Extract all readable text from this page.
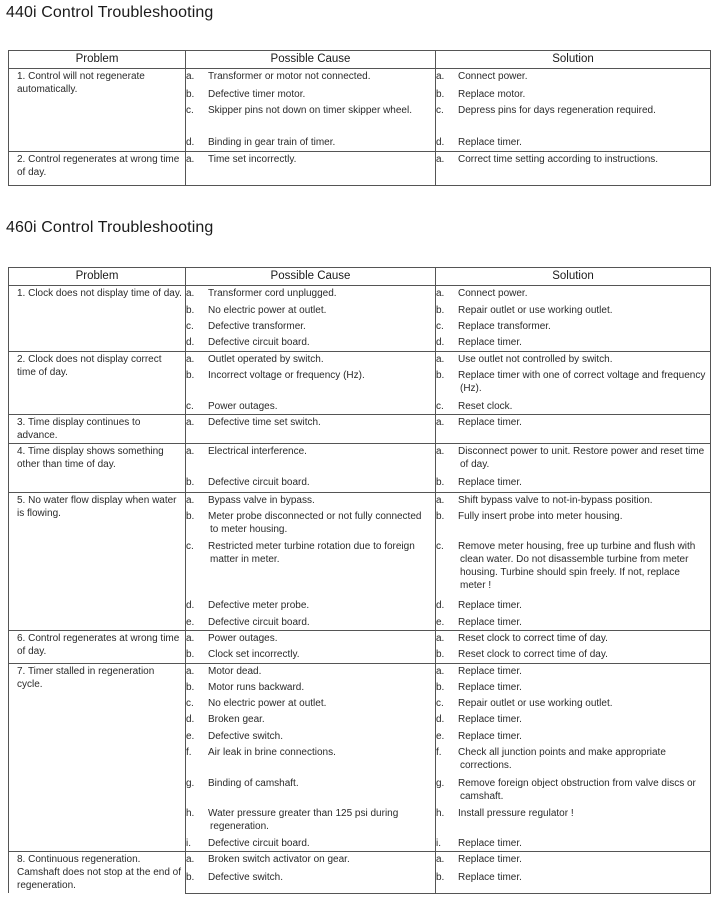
440i Control Troubleshooting
Problem	Possible Cause	Solution
1. Control will not regenerate automatically.	a. Transformer or motor not connected.	a. Connect power.
	b. Defective timer motor.	b. Replace motor.
	c. Skipper pins not down on timer skipper wheel.	c. Depress pins for days regeneration required.
	d. Binding in gear train of timer.	d. Replace timer.
2. Control regenerates at wrong time of day.	a. Time set incorrectly.	a. Correct time setting according to instructions.
460i Control Troubleshooting
Problem	Possible Cause	Solution
1. Clock does not display time of day.	a. Transformer cord unplugged.	a. Connect power.
	b. No electric power at outlet.	b. Repair outlet or use working outlet.
	c. Defective transformer.	c. Replace transformer.
	d. Defective circuit board.	d. Replace timer.
2. Clock does not display correct time of day.	a. Outlet operated by switch.	a. Use outlet not controlled by switch.
	b. Incorrect voltage or frequency (Hz).	b. Replace timer with one of correct voltage and frequency (Hz).
	c. Power outages.	c. Reset clock.
3. Time display continues to advance.	a. Defective time set switch.	a. Replace timer.
4. Time display shows something other than time of day.	a. Electrical interference.	a. Disconnect power to unit. Restore power and reset time of day.
	b. Defective circuit board.	b. Replace timer.
5. No water flow display when water is flowing.	a. Bypass valve in bypass.	a. Shift bypass valve to not-in-bypass position.
	b. Meter probe disconnected or not fully connected to meter housing.	b. Fully insert probe into meter housing.
	c. Restricted meter turbine rotation due to foreign matter in meter.	c. Remove meter housing, free up turbine and flush with clean water. Do not disassemble turbine from meter housing. Turbine should spin freely. If not, replace meter !
	d. Defective meter probe.	d. Replace timer.
	e. Defective circuit board.	e. Replace timer.
6. Control regenerates at wrong time of day.	a. Power outages.	a. Reset clock to correct time of day.
	b. Clock set incorrectly.	b. Reset clock to correct time of day.
7. Timer stalled in regeneration cycle.	a. Motor dead.	a. Replace timer.
	b. Motor runs backward.	b. Replace timer.
	c. No electric power at outlet.	c. Repair outlet or use working outlet.
	d. Broken gear.	d. Replace timer.
	e. Defective switch.	e. Replace timer.
	f. Air leak in brine connections.	f. Check all junction points and make appropriate corrections.
	g. Binding of camshaft.	g. Remove foreign object obstruction from valve discs or camshaft.
	h. Water pressure greater than 125 psi during regeneration.	h. Install pressure regulator !
	i. Defective circuit board.	i. Replace timer.
8. Continuous regeneration. Camshaft does not stop at the end of regeneration.	a. Broken switch activator on gear.	a. Replace timer.
	b. Defective switch.	b. Replace timer.
